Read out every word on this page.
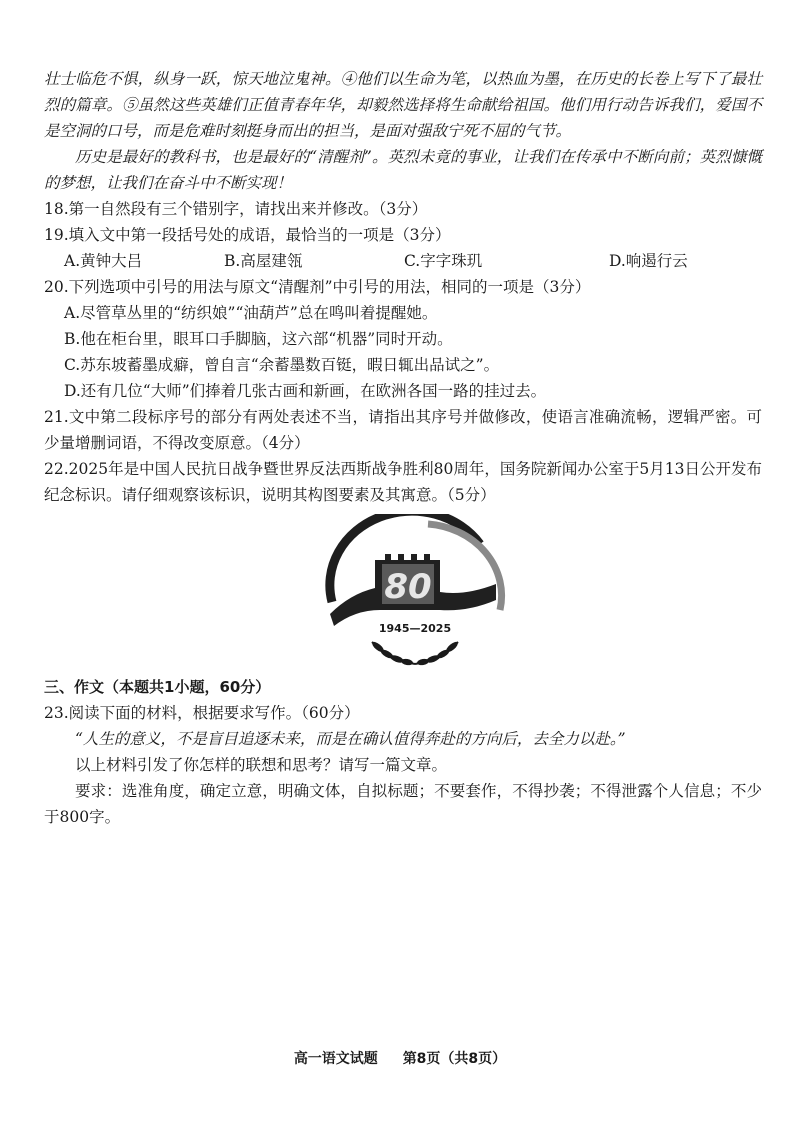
壮士临危不惧，纵身一跃，惊天地泣鬼神。④他们以生命为笔，以热血为墨，在历史的长卷上写下了最壮烈的篇章。⑤虽然这些英雄们正值青春年华，却毅然选择将生命献给祖国。他们用行动告诉我们，爱国不是空洞的口号，而是危难时刻挺身而出的担当，是面对强敌宁死不屈的气节。

历史是最好的教科书，也是最好的“清醒剂”。英烈未竟的事业，让我们在传承中不断向前；英烈慷慨的梦想，让我们在奋斗中不断实现！

18.第一自然段有三个错别字，请找出来并修改。（3分）

19.填入文中第一段括号处的成语，最恰当的一项是（3分）

A.黄钟大吕	B.高屋建瓴	C.字字珠玑	D.响遏行云

20.下列选项中引号的用法与原文“清醒剂”中引号的用法，相同的一项是（3分）

A.尽管草丛里的“纺织娘”“油葫芦”总在鸣叫着提醒她。

B.他在柜台里，眼耳口手脚脑，这六部“机器”同时开动。

C.苏东坡蓄墨成癖，曾自言“余蓄墨数百铤，暇日辄出品试之”。

D.还有几位“大师”们捧着几张古画和新画，在欧洲各国一路的挂过去。

21.文中第二段标序号的部分有两处表述不当，请指出其序号并做修改，使语言准确流畅，逻辑严密。可少量增删词语，不得改变原意。（4分）

22.2025年是中国人民抗日战争暨世界反法西斯战争胜利80周年，国务院新闻办公室于5月13日公开发布纪念标识。请仔细观察该标识，说明其构图要素及其寓意。（5分）

80
1945—2025

三、作文（本题共1小题，60分）

23.阅读下面的材料，根据要求写作。（60分）

“人生的意义，不是盲目追逐未来，而是在确认值得奔赴的方向后，去全力以赴。”

以上材料引发了你怎样的联想和思考？请写一篇文章。

要求：选准角度，确定立意，明确文体，自拟标题；不要套作，不得抄袭；不得泄露个人信息；不少于800字。

高一语文试题 第8页（共8页）
